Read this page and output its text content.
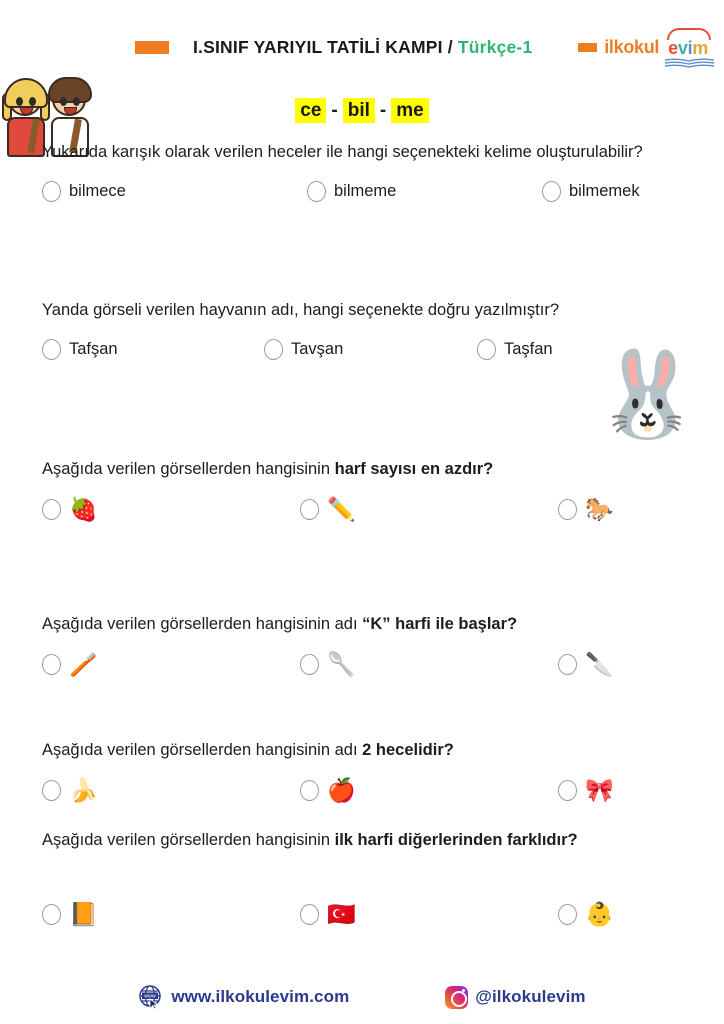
I.SINIF YARIYIL TATİLİ KAMPI / Türkçe-1	ilkokul evim
ce - bil - me
Yukarıda karışık olarak verilen heceler ile hangi seçenekteki kelime oluşturulabilir?
bilmece	bilmeme	bilmemek
Yanda görseli verilen hayvanın adı, hangi seçenekte doğru yazılmıştır?
Tafşan	Tavşan	Taşfan 🐰
Aşağıda verilen görsellerden hangisinin harf sayısı en azdır?
🍓	✏️	🐎
Aşağıda verilen görsellerden hangisinin adı “K” harfi ile başlar?
🪥	🥄	🔪
Aşağıda verilen görsellerden hangisinin adı 2 hecelidir?
🍌	🍎	🎀
Aşağıda verilen görsellerden hangisinin ilk harfi diğerlerinden farklıdır?
📙	🇹🇷	👶
www www.ilkokulevim.com	@ilkokulevim
